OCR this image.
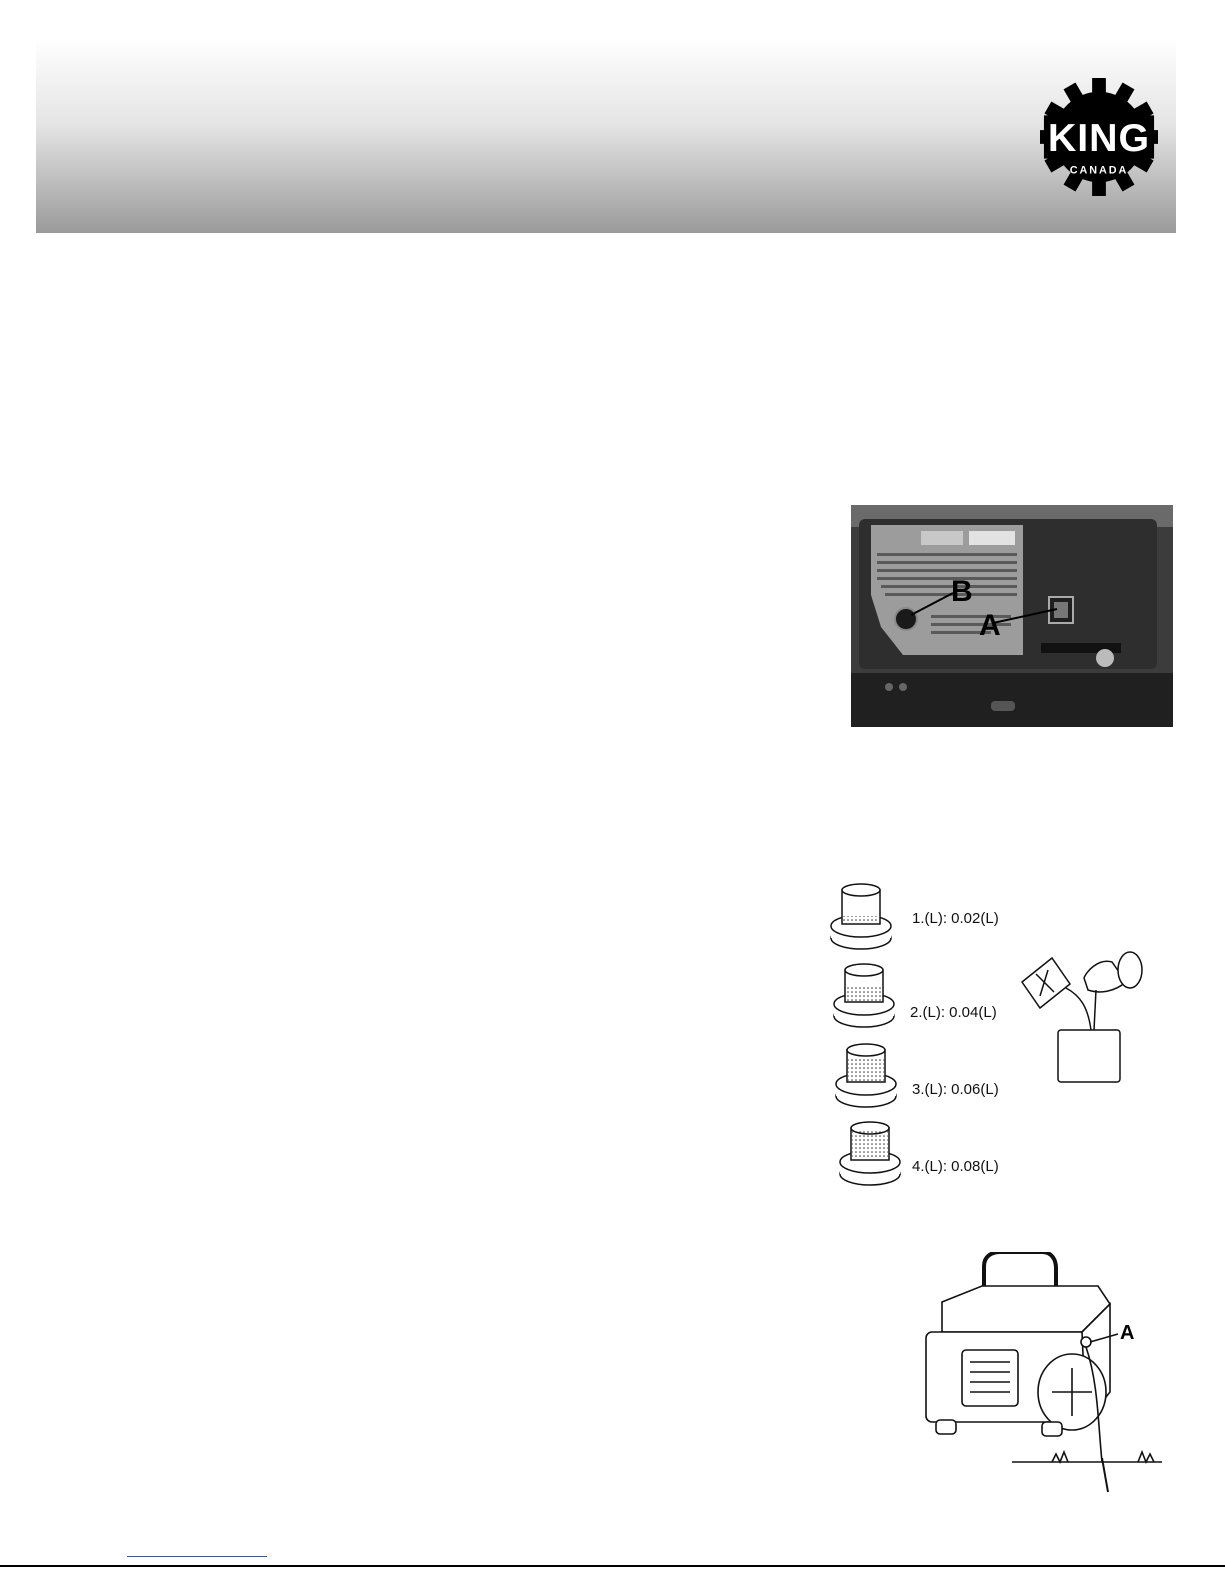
KING
CANADA
A
B
1.(L): 0.02(L)
2.(L): 0.04(L)
3.(L): 0.06(L)
4.(L): 0.08(L)
A
